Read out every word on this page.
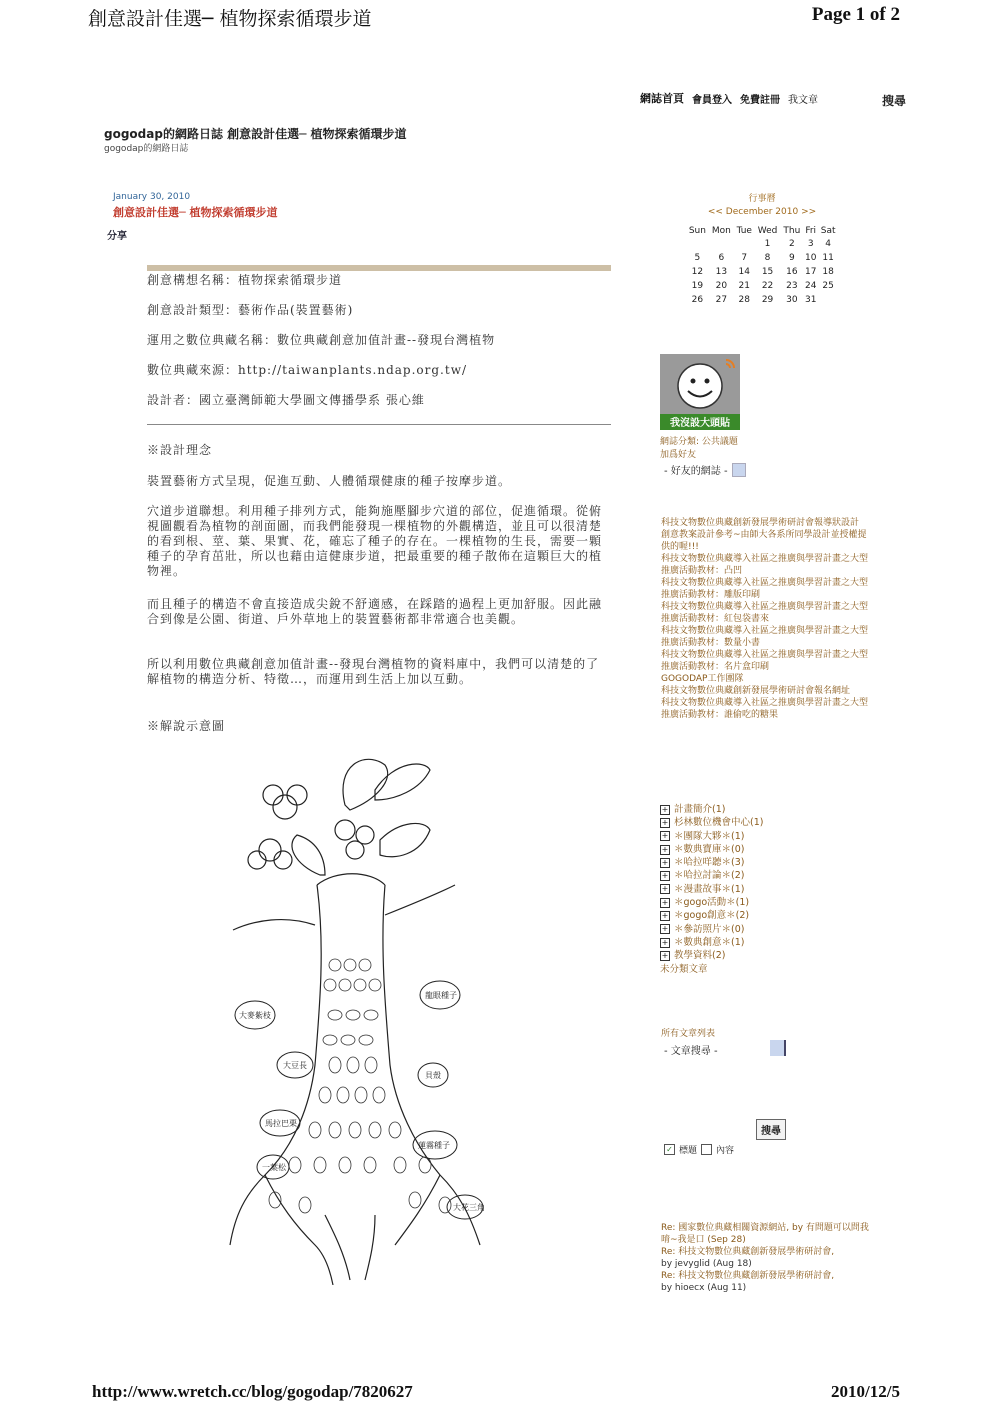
創意設計佳選─ 植物探索循環步道	Page 1 of 2
http://www.wretch.cc/blog/gogodap/7820627	2010/12/5
網誌首頁 會員登入 免費註冊 我文章	搜尋
gogodap的網路日誌 創意設計佳選─ 植物探索循環步道
gogodap的網路日誌
January 30, 2010
創意設計佳選─ 植物探索循環步道
分享

創意構想名稱：植物探索循環步道

創意設計類型：藝術作品(裝置藝術)

運用之數位典藏名稱：數位典藏創意加值計畫--發現台灣植物

數位典藏來源：http://taiwanplants.ndap.org.tw/

設計者：國立臺灣師範大學圖文傳播學系 張心維

※設計理念
裝置藝術方式呈現，促進互動、人體循環健康的種子按摩步道。
穴道步道聯想。利用種子排列方式，能夠施壓腳步穴道的部位，促進循環。從俯視圖觀看為植物的剖面圖，而我們能發現一棵植物的外觀構造，並且可以很清楚的看到根、莖、葉、果實、花，確忘了種子的存在。一棵植物的生長，需要一顆種子的孕育茁壯，所以也藉由這健康步道，把最重要的種子散佈在這顆巨大的植物裡。
而且種子的構造不會直接造成尖銳不舒適感，在踩踏的過程上更加舒服。因此融合到像是公園、街道、戶外草地上的裝置藝術都非常適合也美觀。
所以利用數位典藏創意加值計畫--發現台灣植物的資料庫中，我們可以清楚的了解植物的構造分析、特徵…，而運用到生活上加以互動。
※解說示意圖
龍眼種子
大麥紫枝
大豆長
貝殼
馬拉巴栗
蓮霧種子
一葉松
大花三角
行事曆
<< December 2010 >>
Sun	Mon	Tue	Wed	Thu	Fri	Sat
			1	2	3	4
5	6	7	8	9	10	11
12	13	14	15	16	17	18
19	20	21	22	23	24	25
26	27	28	29	30	31	
我沒設大頭貼
網誌分類: 公共議題
加爲好友
- 好友的網誌 -
科技文物數位典藏創新發展學術研討會報導狀設計
創意教案設計參考~由師大各系所同學設計並授權提供的喔!!!
科技文物數位典藏導入社區之推廣與學習計畫之大型推廣活動教材：凸凹
科技文物數位典藏導入社區之推廣與學習計畫之大型推廣活動教材：雕版印刷
科技文物數位典藏導入社區之推廣與學習計畫之大型推廣活動教材：紅包袋書來
科技文物數位典藏導入社區之推廣與學習計畫之大型推廣活動教材：數量小書
科技文物數位典藏導入社區之推廣與學習計畫之大型推廣活動教材：名片盒印刷
GOGODAP工作團隊
科技文物數位典藏創新發展學術研討會報名網址
科技文物數位典藏導入社區之推廣與學習計畫之大型推廣活動教材：誰偷吃的糖果
+ 計畫簡介(1)
+ 杉林數位機會中心(1)
+ ＊團隊大夥＊(1)
+ ＊數典寶庫＊(0)
+ ＊哈拉咩聽＊(3)
+ ＊哈拉討論＊(2)
+ ＊漫畫故事＊(1)
+ ＊gogo活動＊(1)
+ ＊gogo創意＊(2)
+ ＊參訪照片＊(0)
+ ＊數典創意＊(1)
+ 教學資料(2)
未分類文章
所有文章列表
- 文章搜尋 -
搜尋
✓ 標題 內容
Re: 國家數位典藏相關資源網站, by 有問題可以問我唷~我是口 (Sep 28)
Re: 科技文物數位典藏創新發展學術研討會,
by jevyglid (Aug 18)
Re: 科技文物數位典藏創新發展學術研討會,
by hioecx (Aug 11)
